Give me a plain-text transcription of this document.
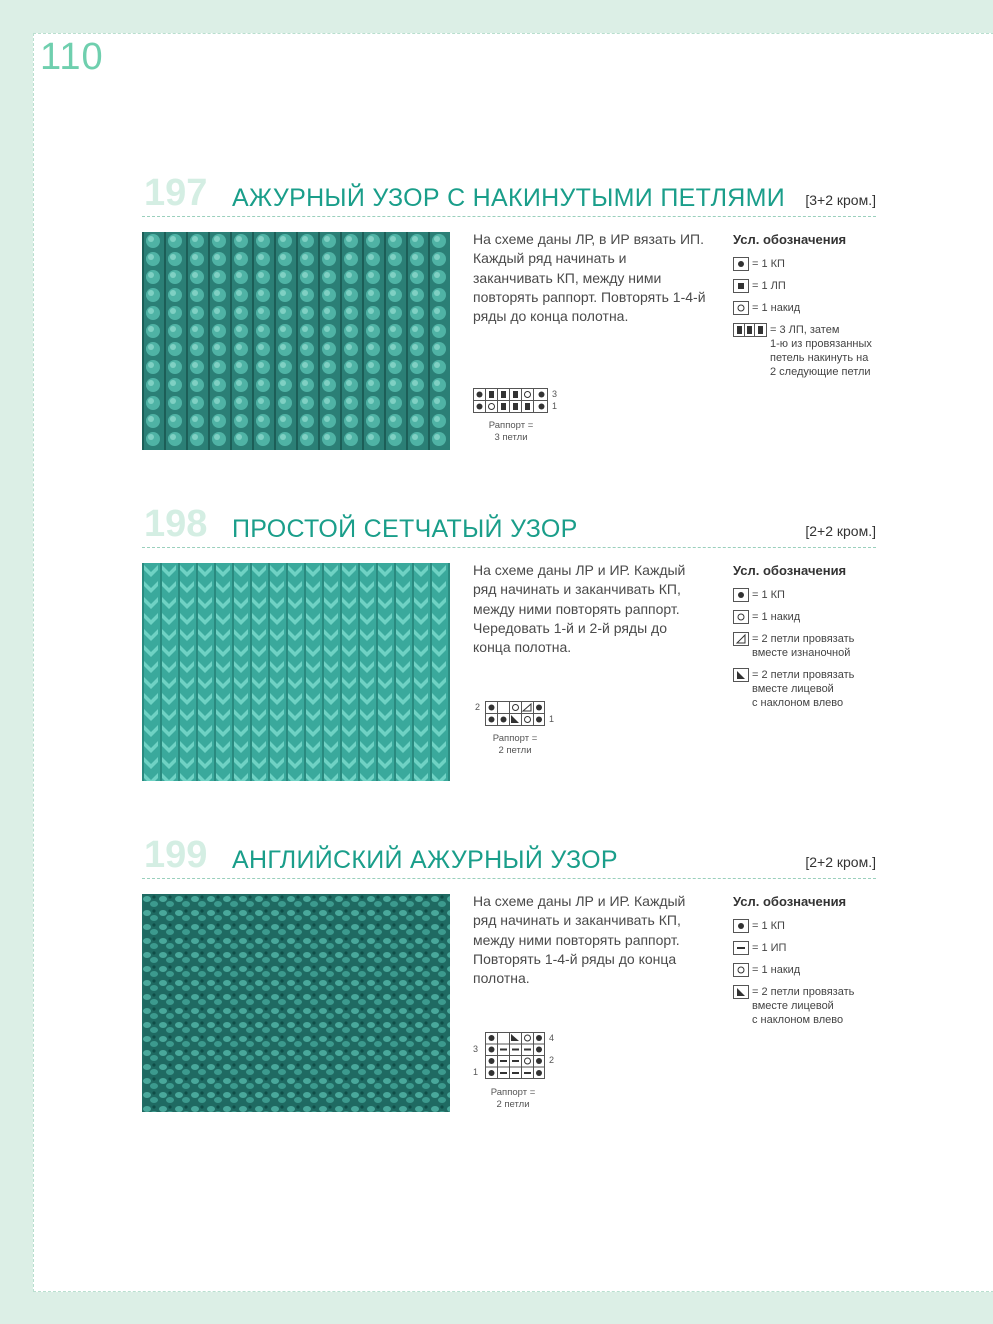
110
197 АЖУРНЫЙ УЗОР С НАКИНУТЫМИ ПЕТЛЯМИ [3+2 кром.]
На схеме даны ЛР, в ИР вязать ИП. Каждый ряд начинать и заканчивать КП, между ними повторять раппорт. Повторять 1-4-й ряды до конца полотна.
3
1
Раппорт =
3 петли
Усл. обозначения
= 1 КП
= 1 ЛП
= 1 накид
= 3 ЛП, затем
1-ю из провязанных
петель накинуть на
2 следующие петли
198 ПРОСТОЙ СЕТЧАТЫЙ УЗОР	[2+2 кром.]
На схеме даны ЛР и ИР. Каждый ряд начинать и заканчивать КП, между ними повторять раппорт. Чередовать 1-й и 2-й ряды до конца полотна.
2
1
Раппорт =
2 петли
Усл. обозначения
= 1 КП
= 1 накид
= 2 петли провязать
вместе изнаночной
= 2 петли провязать
вместе лицевой
с наклоном влево
199 АНГЛИЙСКИЙ АЖУРНЫЙ УЗОР	[2+2 кром.]
На схеме даны ЛР и ИР. Каждый ряд начинать и заканчивать КП, между ними повторять раппорт. Повторять 1-4-й ряды до конца полотна.
4
3
2
1
Раппорт =
2 петли
Усл. обозначения
= 1 КП
= 1 ИП
= 1 накид
= 2 петли провязать
вместе лицевой
с наклоном влево
